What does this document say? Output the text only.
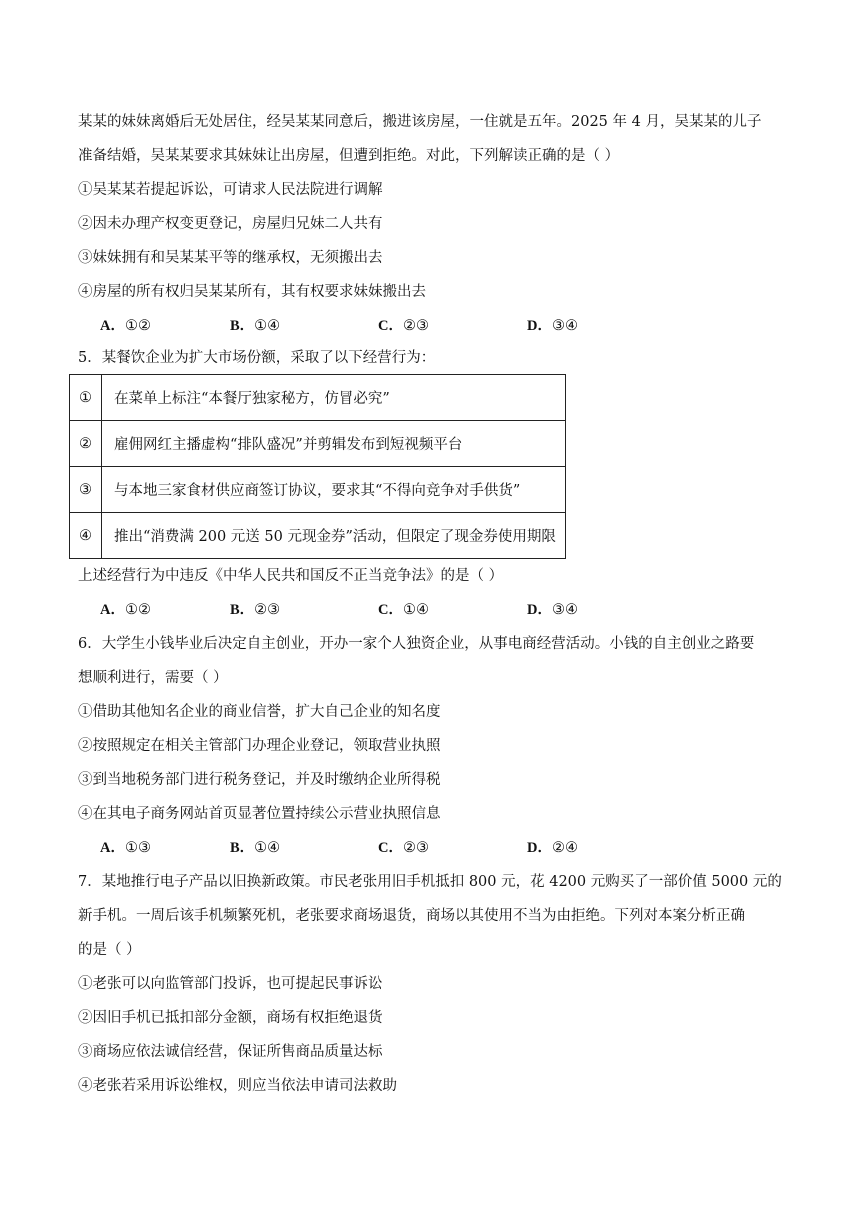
某某的妹妹离婚后无处居住，经吴某某同意后，搬进该房屋，一住就是五年。2025 年 4 月，吴某某的儿子
准备结婚，吴某某要求其妹妹让出房屋，但遭到拒绝。对此，下列解读正确的是（ ）
①吴某某若提起诉讼，可请求人民法院进行调解
②因未办理产权变更登记，房屋归兄妹二人共有
③妹妹拥有和吴某某平等的继承权，无须搬出去
④房屋的所有权归吴某某所有，其有权要求妹妹搬出去
A．①②	B．①④	C．②③	D．③④
5．某餐饮企业为扩大市场份额，采取了以下经营行为：
①	在菜单上标注“本餐厅独家秘方，仿冒必究”
②	雇佣网红主播虚构“排队盛况”并剪辑发布到短视频平台
③	与本地三家食材供应商签订协议，要求其“不得向竞争对手供货”
④	推出“消费满 200 元送 50 元现金券”活动，但限定了现金券使用期限
上述经营行为中违反《中华人民共和国反不正当竞争法》的是（ ）
A．①②	B．②③	C．①④	D．③④
6．大学生小钱毕业后决定自主创业，开办一家个人独资企业，从事电商经营活动。小钱的自主创业之路要
想顺利进行，需要（ ）
①借助其他知名企业的商业信誉，扩大自己企业的知名度
②按照规定在相关主管部门办理企业登记，领取营业执照
③到当地税务部门进行税务登记，并及时缴纳企业所得税
④在其电子商务网站首页显著位置持续公示营业执照信息
A．①③	B．①④	C．②③	D．②④
7．某地推行电子产品以旧换新政策。市民老张用旧手机抵扣 800 元，花 4200 元购买了一部价值 5000 元的
新手机。一周后该手机频繁死机，老张要求商场退货，商场以其使用不当为由拒绝。下列对本案分析正确
的是（ ）
①老张可以向监管部门投诉，也可提起民事诉讼
②因旧手机已抵扣部分金额，商场有权拒绝退货
③商场应依法诚信经营，保证所售商品质量达标
④老张若采用诉讼维权，则应当依法申请司法救助
